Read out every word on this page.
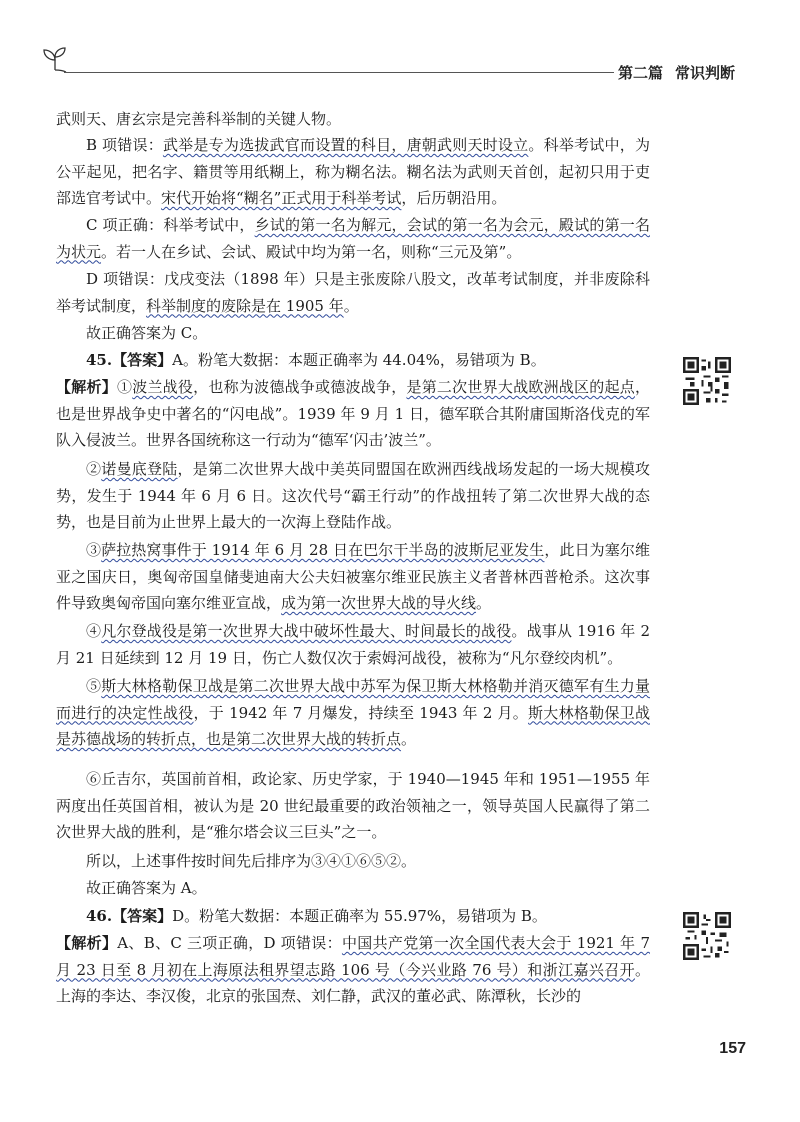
第二篇 常识判断

武则天、唐玄宗是完善科举制的关键人物。

B 项错误：武举是专为选拔武官而设置的科目，唐朝武则天时设立。科举考试中，为公平起见，把名字、籍贯等用纸糊上，称为糊名法。糊名法为武则天首创，起初只用于吏部选官考试中。宋代开始将“糊名”正式用于科举考试，后历朝沿用。

C 项正确：科举考试中，乡试的第一名为解元，会试的第一名为会元，殿试的第一名为状元。若一人在乡试、会试、殿试中均为第一名，则称“三元及第”。

D 项错误：戊戌变法（1898 年）只是主张废除八股文，改革考试制度，并非废除科举考试制度，科举制度的废除是在 1905 年。

故正确答案为 C。

45.【答案】A。粉笔大数据：本题正确率为 44.04%，易错项为 B。

【解析】①波兰战役，也称为波德战争或德波战争，是第二次世界大战欧洲战区的起点，也是世界战争史中著名的“闪电战”。1939 年 9 月 1 日，德军联合其附庸国斯洛伐克的军队入侵波兰。世界各国统称这一行动为“德军‘闪击’波兰”。

②诺曼底登陆，是第二次世界大战中美英同盟国在欧洲西线战场发起的一场大规模攻势，发生于 1944 年 6 月 6 日。这次代号“霸王行动”的作战扭转了第二次世界大战的态势，也是目前为止世界上最大的一次海上登陆作战。

③萨拉热窝事件于 1914 年 6 月 28 日在巴尔干半岛的波斯尼亚发生，此日为塞尔维亚之国庆日，奥匈帝国皇储斐迪南大公夫妇被塞尔维亚民族主义者普林西普枪杀。这次事件导致奥匈帝国向塞尔维亚宣战，成为第一次世界大战的导火线。

④凡尔登战役是第一次世界大战中破坏性最大、时间最长的战役。战事从 1916 年 2 月 21 日延续到 12 月 19 日，伤亡人数仅次于索姆河战役，被称为“凡尔登绞肉机”。

⑤斯大林格勒保卫战是第二次世界大战中苏军为保卫斯大林格勒并消灭德军有生力量而进行的决定性战役，于 1942 年 7 月爆发，持续至 1943 年 2 月。斯大林格勒保卫战是苏德战场的转折点，也是第二次世界大战的转折点。

⑥丘吉尔，英国前首相，政论家、历史学家，于 1940—1945 年和 1951—1955 年两度出任英国首相，被认为是 20 世纪最重要的政治领袖之一，领导英国人民赢得了第二次世界大战的胜利，是“雅尔塔会议三巨头”之一。

所以，上述事件按时间先后排序为③④①⑥⑤②。

故正确答案为 A。

46.【答案】D。粉笔大数据：本题正确率为 55.97%，易错项为 B。

【解析】A、B、C 三项正确，D 项错误：中国共产党第一次全国代表大会于 1921 年 7 月 23 日至 8 月初在上海原法租界望志路 106 号（今兴业路 76 号）和浙江嘉兴召开。上海的李达、李汉俊，北京的张国焘、刘仁静，武汉的董必武、陈潭秋，长沙的

157
